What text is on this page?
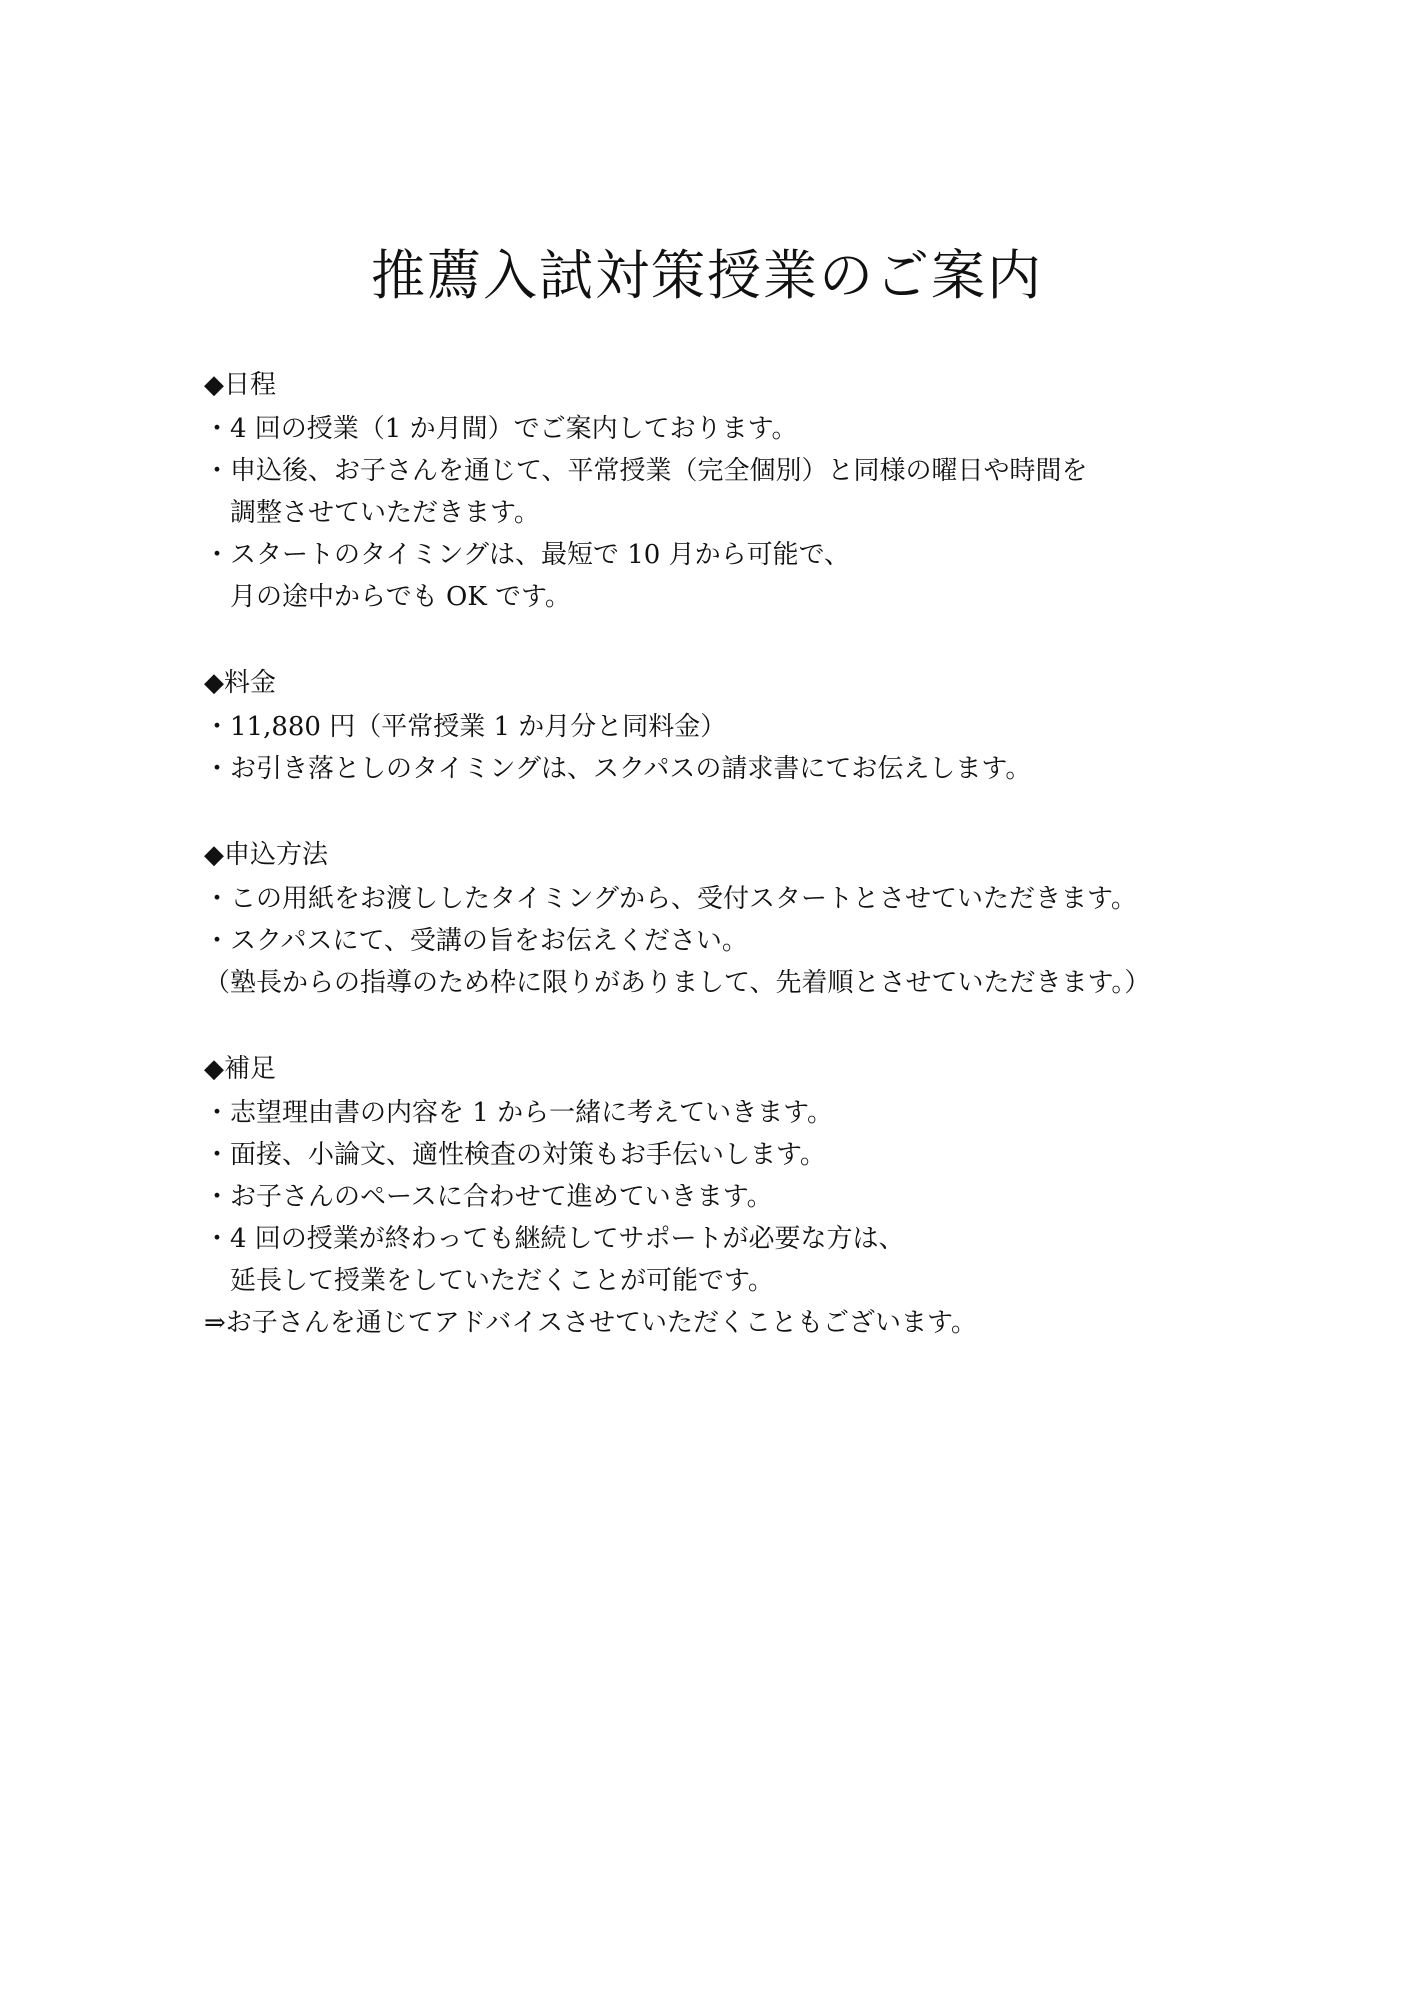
推薦入試対策授業のご案内
◆日程
・4 回の授業（1 か月間）でご案内しております。
・申込後、お子さんを通じて、平常授業（完全個別）と同様の曜日や時間を
　調整させていただきます。
・スタートのタイミングは、最短で 10 月から可能で、
　月の途中からでも OK です。
◆料金
・11,880 円（平常授業 1 か月分と同料金）
・お引き落としのタイミングは、スクパスの請求書にてお伝えします。
◆申込方法
・この用紙をお渡ししたタイミングから、受付スタートとさせていただきます。
・スクパスにて、受講の旨をお伝えください。
（塾長からの指導のため枠に限りがありまして、先着順とさせていただきます。）
◆補足
・志望理由書の内容を 1 から一緒に考えていきます。
・面接、小論文、適性検査の対策もお手伝いします。
・お子さんのペースに合わせて進めていきます。
・4 回の授業が終わっても継続してサポートが必要な方は、
　延長して授業をしていただくことが可能です。
⇒お子さんを通じてアドバイスさせていただくこともございます。
